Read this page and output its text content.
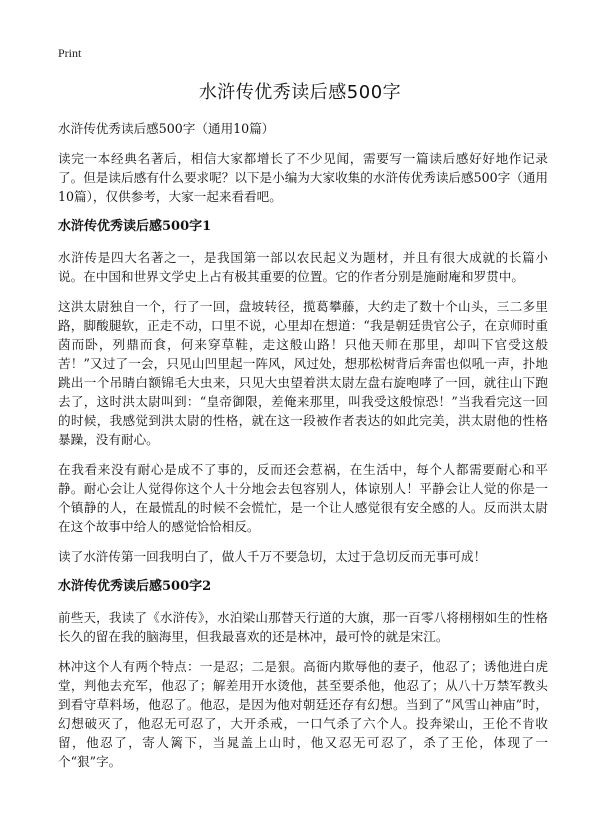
Print
水浒传优秀读后感500字

水浒传优秀读后感500字（通用10篇）

读完一本经典名著后，相信大家都增长了不少见闻，需要写一篇读后感好好地作记录了。但是读后感有什么要求呢？以下是小编为大家收集的水浒传优秀读后感500字（通用10篇），仅供参考，大家一起来看看吧。

水浒传优秀读后感500字1

水浒传是四大名著之一，是我国第一部以农民起义为题材，并且有很大成就的长篇小说。在中国和世界文学史上占有极其重要的位置。它的作者分别是施耐庵和罗贯中。

这洪太尉独自一个，行了一回，盘坡转径，揽葛攀藤，大约走了数十个山头，三二多里路，脚酸腿软，正走不动，口里不说，心里却在想道：“我是朝廷贵官公子，在京师时重茵而卧，列鼎而食，何来穿草鞋，走这般山路！只他天师在那里，却叫下官受这般苦！”又过了一会，只见山凹里起一阵风，风过处，想那松树背后奔雷也似吼一声，扑地跳出一个吊睛白额锦毛大虫来，只见大虫望着洪太尉左盘右旋咆哮了一回，就往山下跑去了，这时洪太尉叫到：“皇帝御限，差俺来那里，叫我受这般惊恐！”当我看完这一回的时候，我感觉到洪太尉的性格，就在这一段被作者表达的如此完美，洪太尉他的性格暴躁，没有耐心。

在我看来没有耐心是成不了事的，反而还会惹祸，在生活中，每个人都需要耐心和平静。耐心会让人觉得你这个人十分地会去包容别人，体谅别人！平静会让人觉的你是一个镇静的人，在最慌乱的时候不会慌忙，是一个让人感觉很有安全感的人。反而洪太尉在这个故事中给人的感觉恰恰相反。

读了水浒传第一回我明白了，做人千万不要急切，太过于急切反而无事可成！

水浒传优秀读后感500字2

前些天，我读了《水浒传》，水泊梁山那替天行道的大旗，那一百零八将栩栩如生的性格长久的留在我的脑海里，但我最喜欢的还是林冲，最可怜的就是宋江。

林冲这个人有两个特点：一是忍；二是狠。高衙内欺辱他的妻子，他忍了；诱他进白虎堂，判他去充军，他忍了；解差用开水烫他，甚至要杀他，他忍了；从八十万禁军教头到看守草料场，他忍了。他忍，是因为他对朝廷还存有幻想。当到了“风雪山神庙”时，幻想破灭了，他忍无可忍了，大开杀戒，一口气杀了六个人。投奔梁山，王伦不肯收留，他忍了，寄人篱下，当晁盖上山时，他又忍无可忍了，杀了王伦，体现了一个“狠”字。
